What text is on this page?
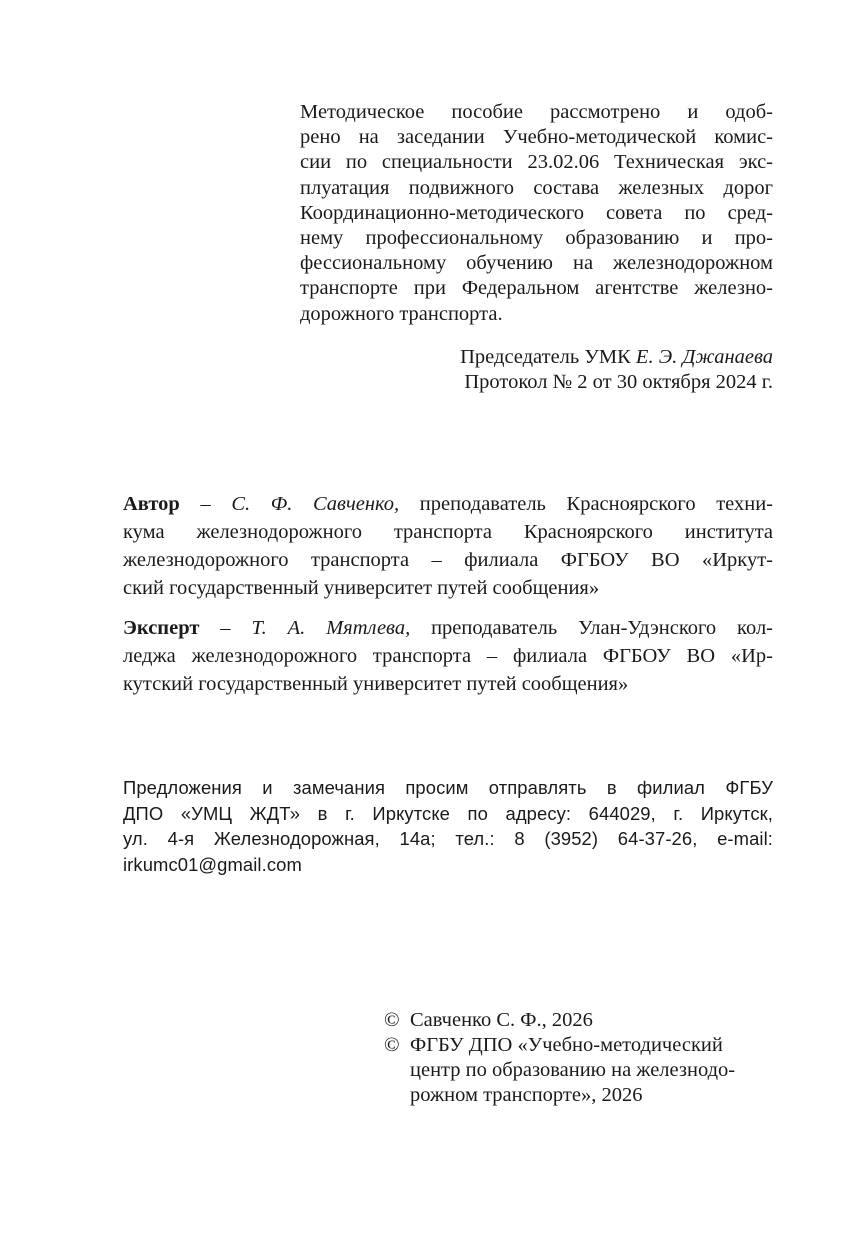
Методическое пособие рассмотрено и одоб-
рено на заседании Учебно-методической комис-
сии по специальности 23.02.06 Техническая экс-
плуатация подвижного состава железных дорог
Координационно-методического совета по сред-
нему профессиональному образованию и про-
фессиональному обучению на железнодорожном
транспорте при Федеральном агентстве железно-
дорожного транспорта.
Председатель УМК Е. Э. Джанаева
Протокол № 2 от 30 октября 2024 г.
Автор – С. Ф. Савченко, преподаватель Красноярского техни-
кума железнодорожного транспорта Красноярского института
железнодорожного транспорта – филиала ФГБОУ ВО «Иркут-
ский государственный университет путей сообщения»
Эксперт – Т. А. Мятлева, преподаватель Улан-Удэнского кол-
леджа железнодорожного транспорта – филиала ФГБОУ ВО «Ир-
кутский государственный университет путей сообщения»
Предложения и замечания просим отправлять в филиал ФГБУ
ДПО «УМЦ ЖДТ» в г. Иркутске по адресу: 644029, г. Иркутск,
ул. 4-я Железнодорожная, 14а; тел.: 8 (3952) 64-37-26, e-mail:
irkumc01@gmail.com
© Савченко С. Ф., 2026
© ФГБУ ДПО «Учебно-методический
центр по образованию на железнодо-
рожном транспорте», 2026
